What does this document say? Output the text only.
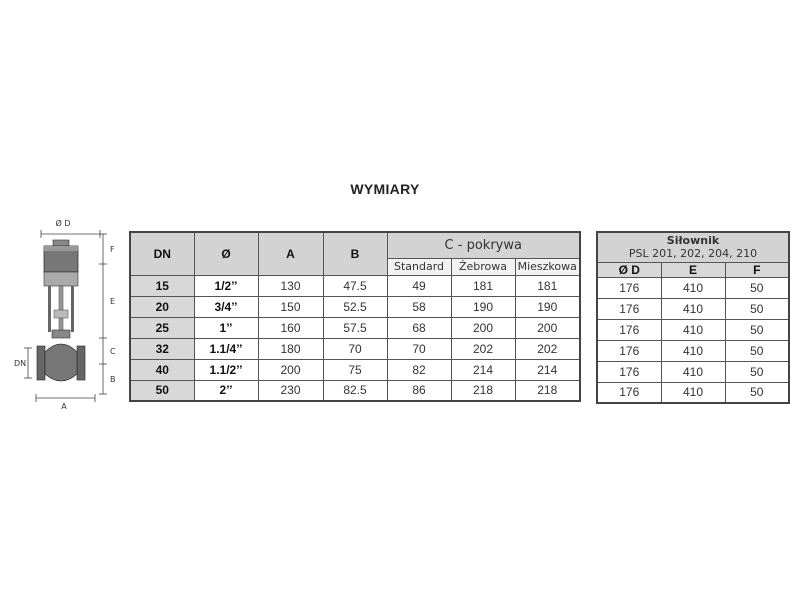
WYMIARY
Ø D
F
E
DN
B
C
A
DN	Ø	A	B	C - pokrywa		
				Standard	Żebrowa	Mieszkowa
15	1/2’’	130	47.5	49	181	181
20	3/4’’	150	52.5	58	190	190
25	1’’	160	57.5	68	200	200
32	1.1/4’’	180	70	70	202	202
40	1.1/2’’	200	75	82	214	214
50	2’’	230	82.5	86	218	218
Siłownik
PSL 201, 202, 204, 210		

Ø D	E	F
176	410	50
176	410	50
176	410	50
176	410	50
176	410	50
176	410	50
